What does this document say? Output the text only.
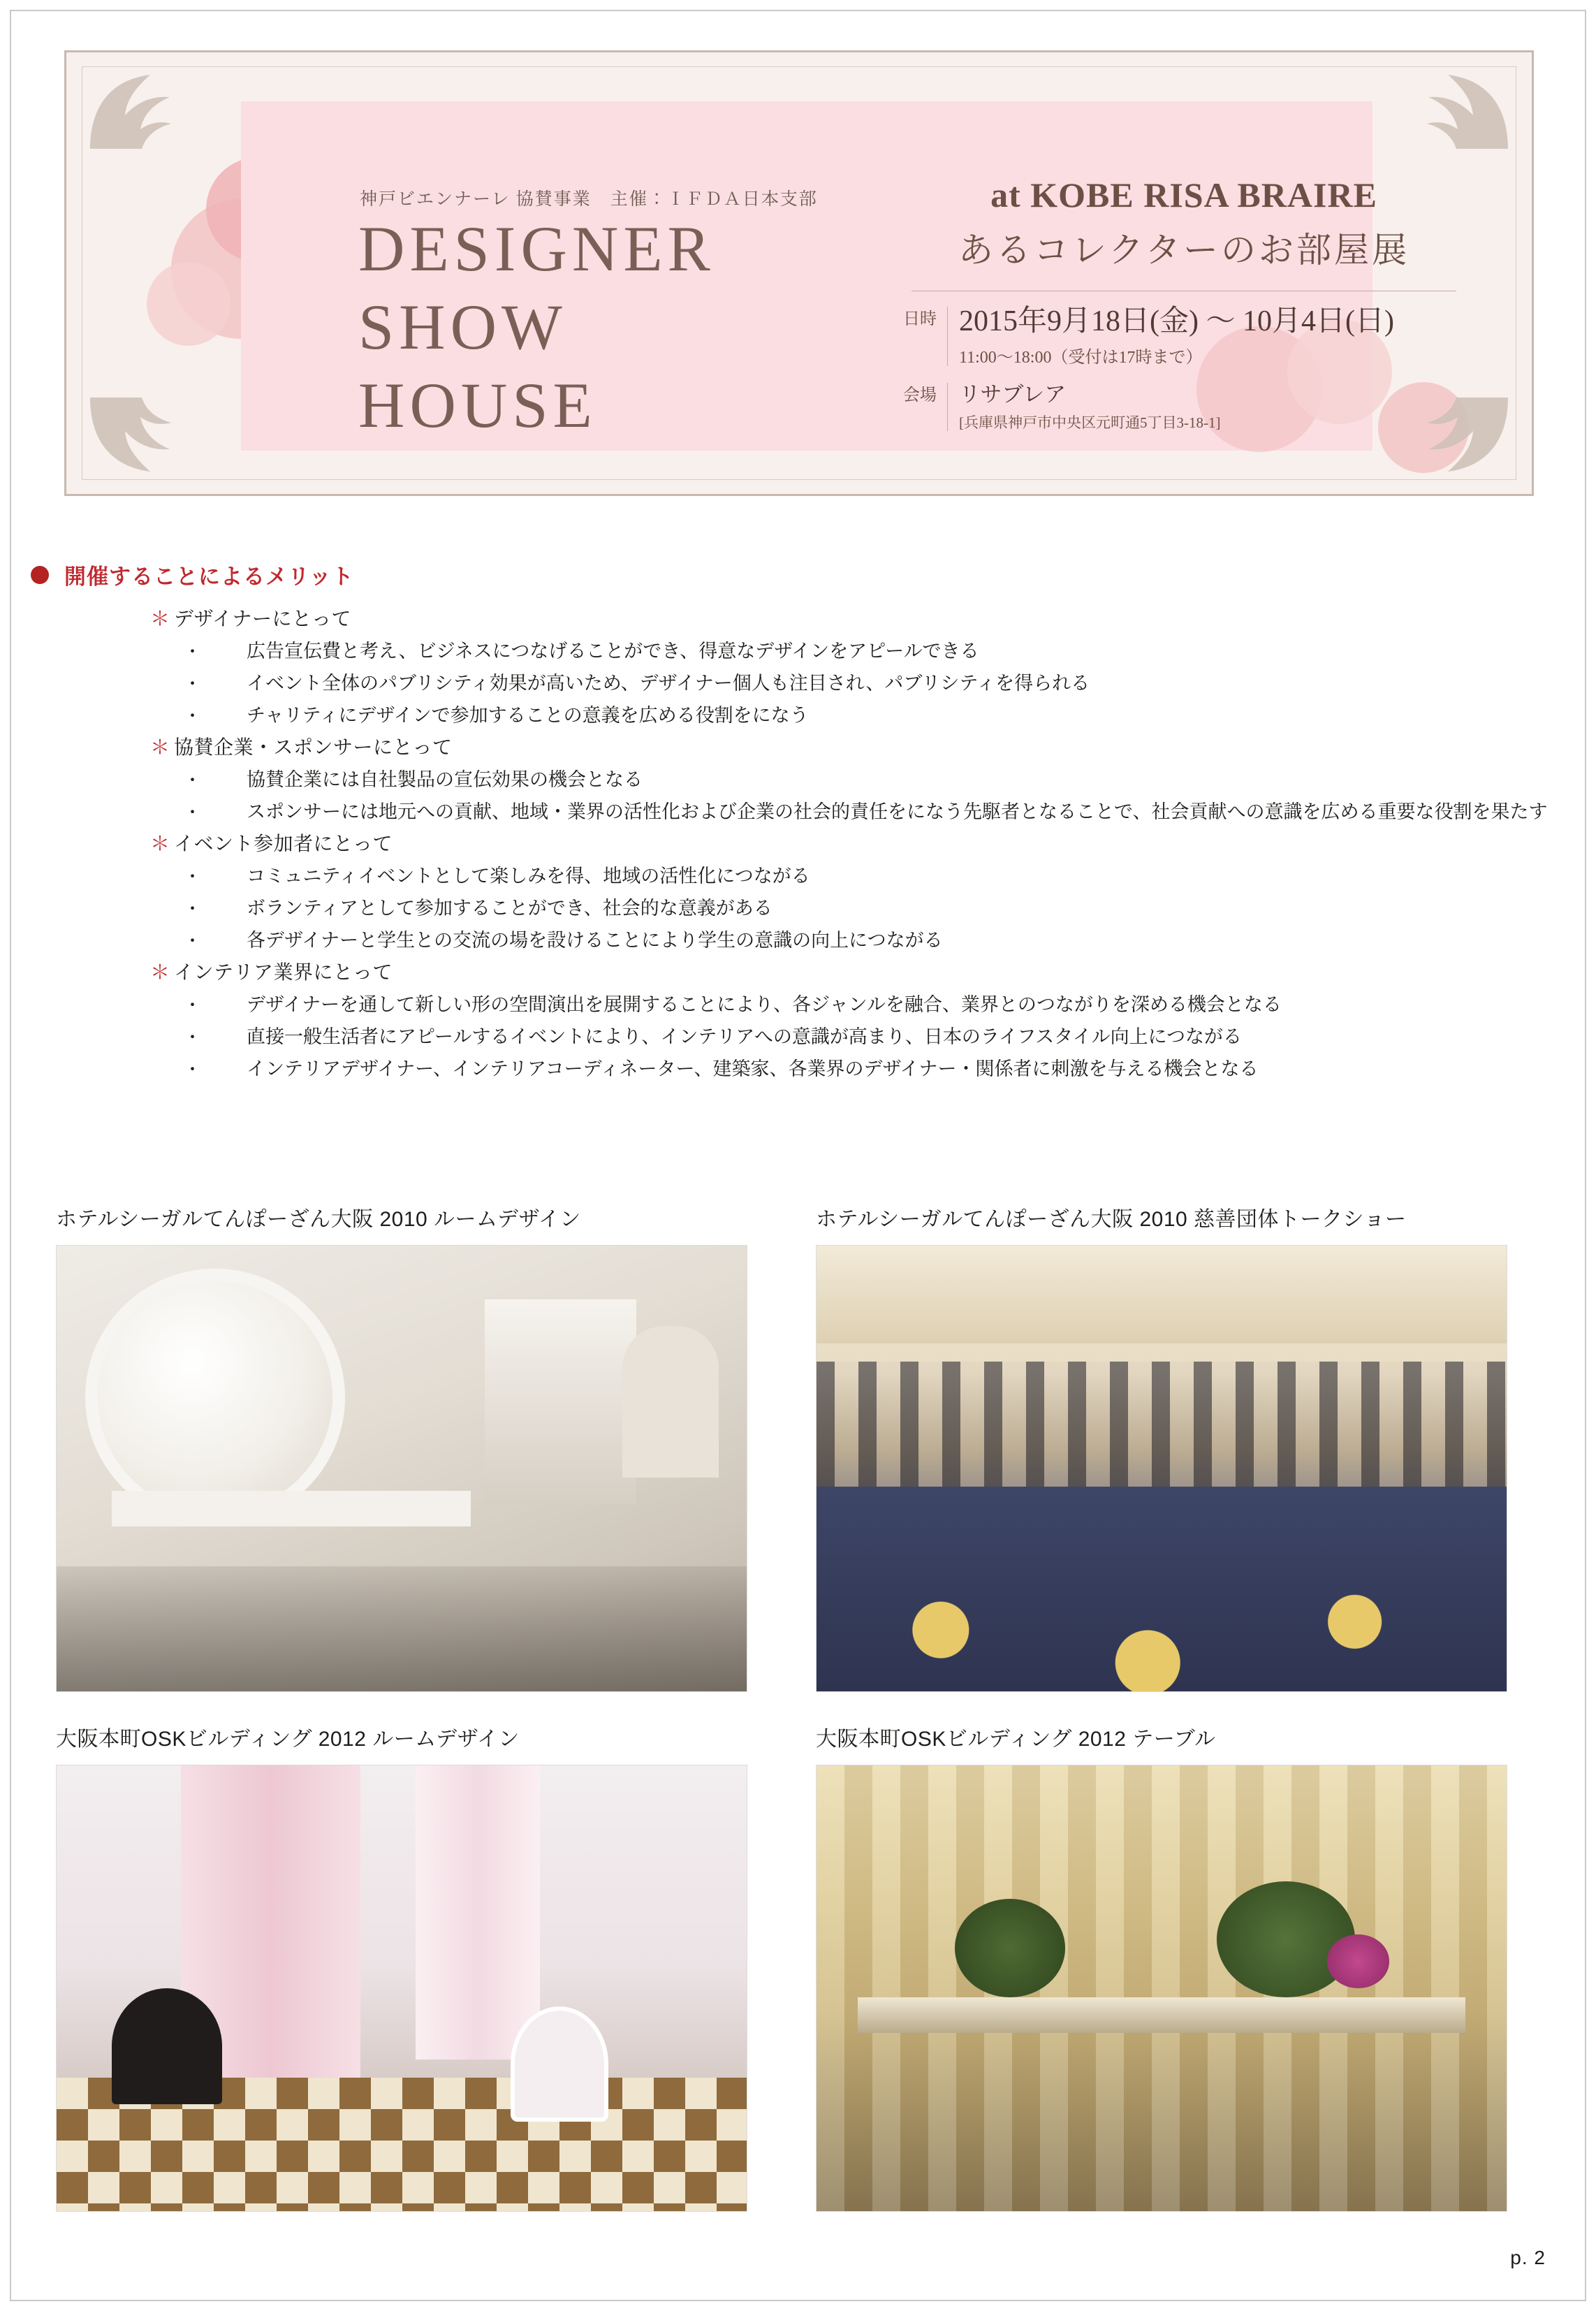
神戸ビエンナーレ 協賛事業　主催：ＩＦＤＡ日本支部
DESIGNER
SHOW
HOUSE
at KOBE RISA BRAIRE
あるコレクターのお部屋展
日時 2015年9月18日(金) ～ 10月4日(日)
11:00～18:00（受付は17時まで）
会場 リサブレア
[兵庫県神戸市中央区元町通5丁目3-18-1]
開催することによるメリット
＊ デザイナーにとって
・	広告宣伝費と考え、ビジネスにつなげることができ、得意なデザインをアピールできる
・	イベント全体のパブリシティ効果が高いため、デザイナー個人も注目され、パブリシティを得られる
・	チャリティにデザインで参加することの意義を広める役割をになう
＊ 協賛企業・スポンサーにとって
・	協賛企業には自社製品の宣伝効果の機会となる
・	スポンサーには地元への貢献、地域・業界の活性化および企業の社会的責任をになう先駆者となることで、社会貢献への意識を広める重要な役割を果たす
＊ イベント参加者にとって
・	コミュニティイベントとして楽しみを得、地域の活性化につながる
・	ボランティアとして参加することができ、社会的な意義がある
・	各デザイナーと学生との交流の場を設けることにより学生の意識の向上につながる
＊ インテリア業界にとって
・	デザイナーを通して新しい形の空間演出を展開することにより、各ジャンルを融合、業界とのつながりを深める機会となる
・	直接一般生活者にアピールするイベントにより、インテリアへの意識が高まり、日本のライフスタイル向上につながる
・	インテリアデザイナー、インテリアコーディネーター、建築家、各業界のデザイナー・関係者に刺激を与える機会となる
ホテルシーガルてんぽーざん大阪 2010 ルームデザイン	ホテルシーガルてんぽーざん大阪 2010 慈善団体トークショー
大阪本町OSKビルディング 2012 ルームデザイン	大阪本町OSKビルディング 2012 テーブル
p. 2
